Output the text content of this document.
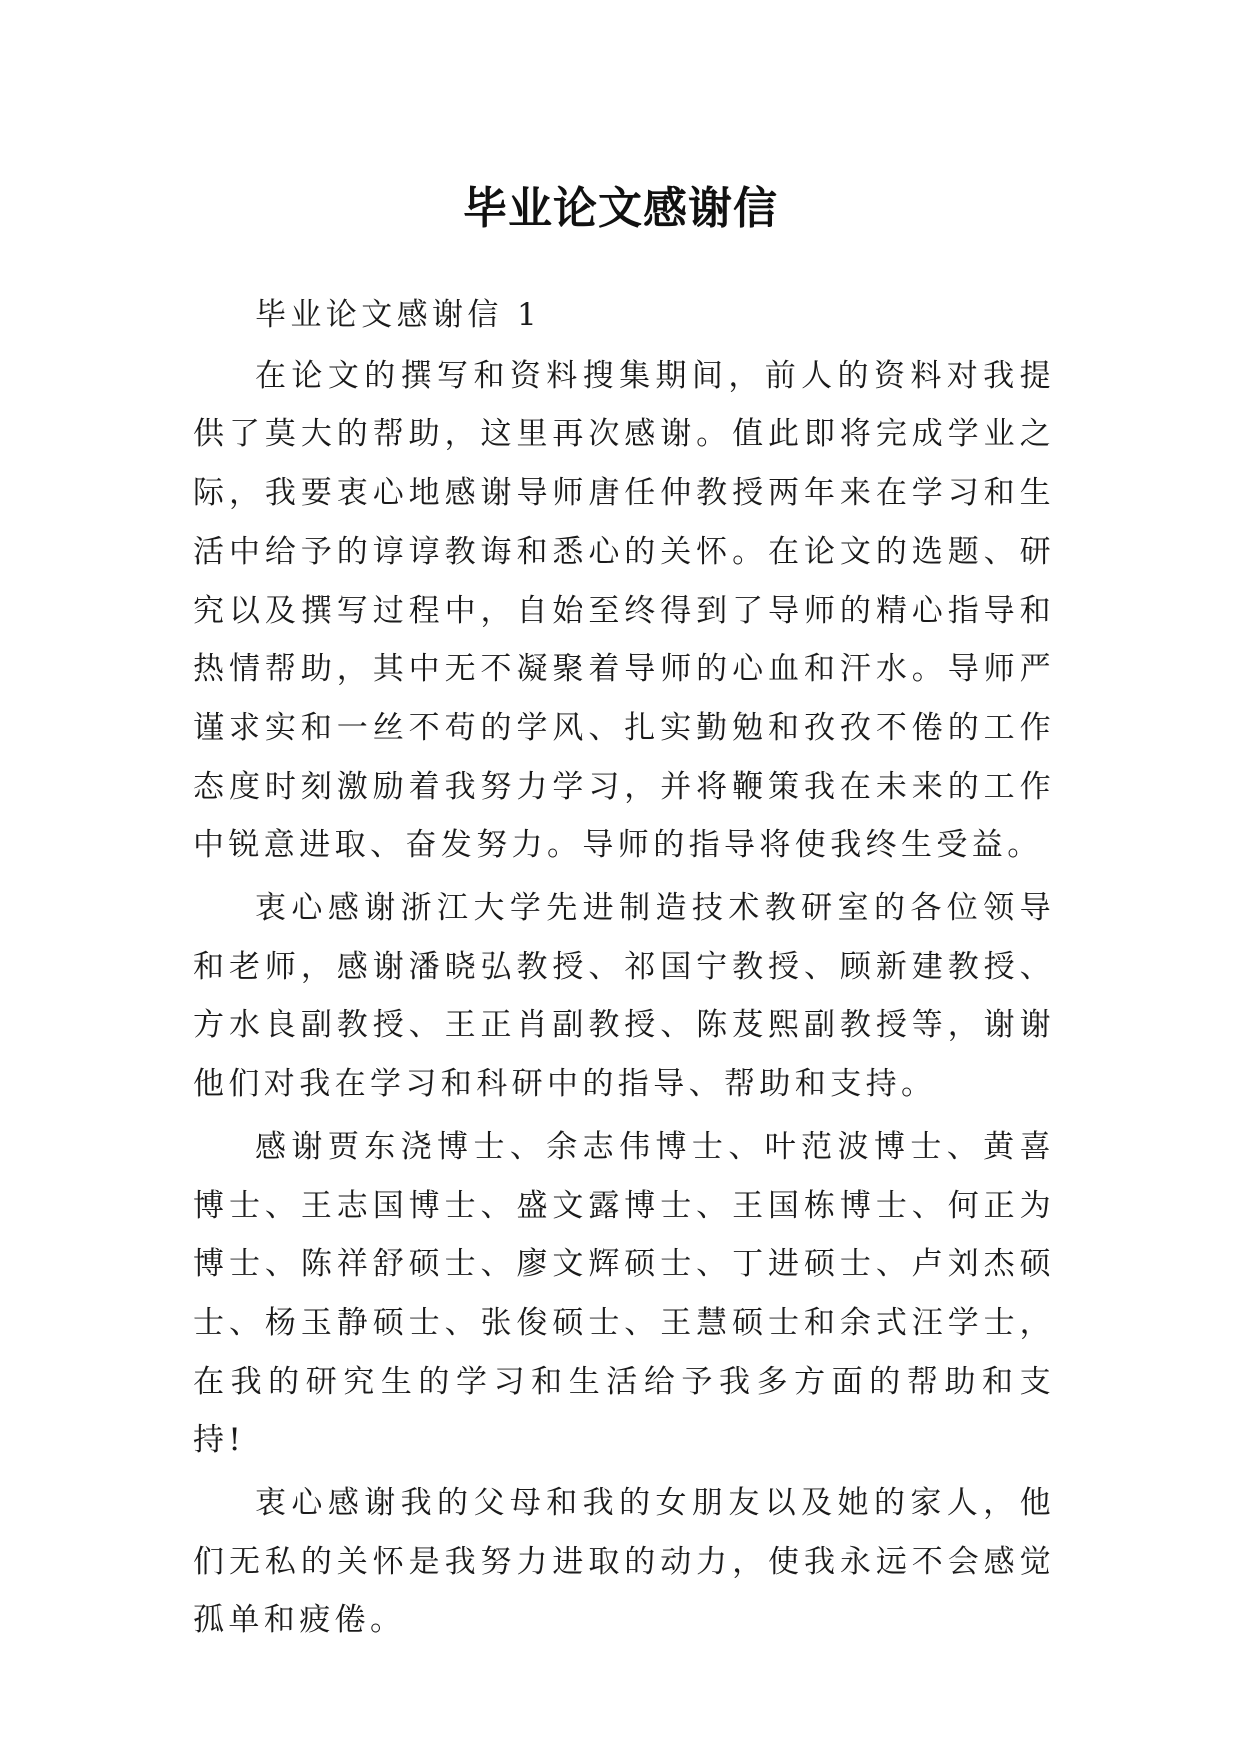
毕业论文感谢信

毕业论文感谢信 1

在论文的撰写和资料搜集期间，前人的资料对我提供了莫大的帮助，这里再次感谢。值此即将完成学业之际，我要衷心地感谢导师唐任仲教授两年来在学习和生活中给予的谆谆教诲和悉心的关怀。在论文的选题、研究以及撰写过程中，自始至终得到了导师的精心指导和热情帮助，其中无不凝聚着导师的心血和汗水。导师严谨求实和一丝不苟的学风、扎实勤勉和孜孜不倦的工作态度时刻激励着我努力学习，并将鞭策我在未来的工作中锐意进取、奋发努力。导师的指导将使我终生受益。

衷心感谢浙江大学先进制造技术教研室的各位领导和老师，感谢潘晓弘教授、祁国宁教授、顾新建教授、方水良副教授、王正肖副教授、陈芨熙副教授等，谢谢他们对我在学习和科研中的指导、帮助和支持。

感谢贾东浇博士、余志伟博士、叶范波博士、黄喜博士、王志国博士、盛文露博士、王国栋博士、何正为博士、陈祥舒硕士、廖文辉硕士、丁进硕士、卢刘杰硕士、杨玉静硕士、张俊硕士、王慧硕士和余式汪学士，在我的研究生的学习和生活给予我多方面的帮助和支持!

衷心感谢我的父母和我的女朋友以及她的家人，他们无私的关怀是我努力进取的动力，使我永远不会感觉孤单和疲倦。
